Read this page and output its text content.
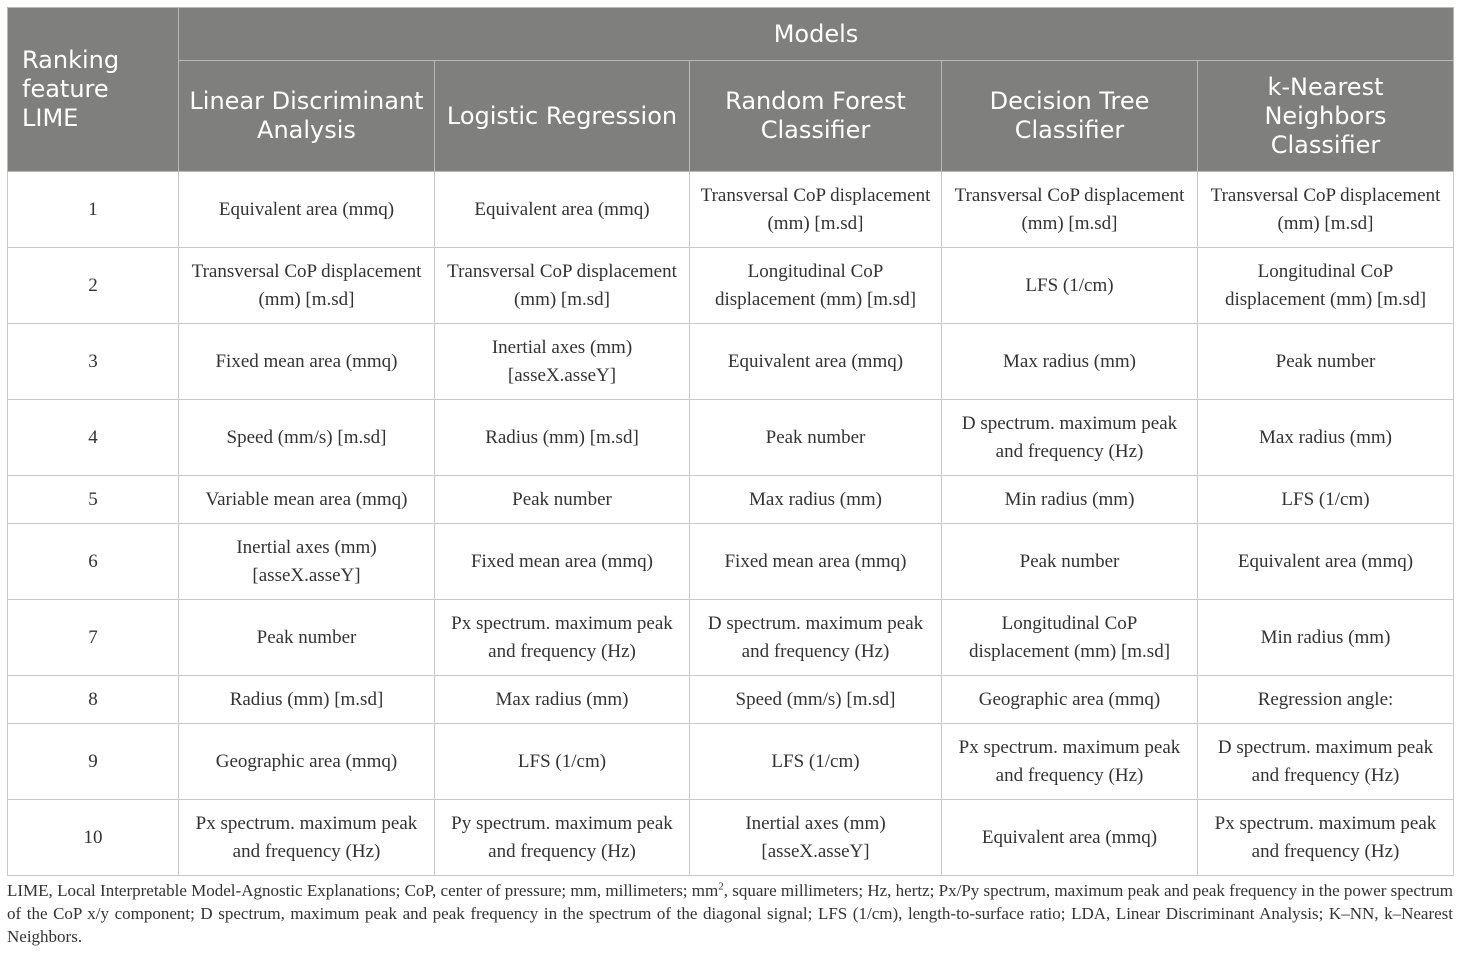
Ranking feature LIME	Models				
	Linear Discriminant Analysis	Logistic Regression	Random Forest Classifier	Decision Tree Classifier	k-Nearest Neighbors Classifier
1	Equivalent area (mmq)	Equivalent area (mmq)	Transversal CoP displacement (mm) [m.sd]	Transversal CoP displacement (mm) [m.sd]	Transversal CoP displacement (mm) [m.sd]
2	Transversal CoP displacement (mm) [m.sd]	Transversal CoP displacement (mm) [m.sd]	Longitudinal CoP displacement (mm) [m.sd]	LFS (1/cm)	Longitudinal CoP displacement (mm) [m.sd]
3	Fixed mean area (mmq)	Inertial axes (mm) [asseX.asseY]	Equivalent area (mmq)	Max radius (mm)	Peak number
4	Speed (mm/s) [m.sd]	Radius (mm) [m.sd]	Peak number	D spectrum. maximum peak and frequency (Hz)	Max radius (mm)
5	Variable mean area (mmq)	Peak number	Max radius (mm)	Min radius (mm)	LFS (1/cm)
6	Inertial axes (mm) [asseX.asseY]	Fixed mean area (mmq)	Fixed mean area (mmq)	Peak number	Equivalent area (mmq)
7	Peak number	Px spectrum. maximum peak and frequency (Hz)	D spectrum. maximum peak and frequency (Hz)	Longitudinal CoP displacement (mm) [m.sd]	Min radius (mm)
8	Radius (mm) [m.sd]	Max radius (mm)	Speed (mm/s) [m.sd]	Geographic area (mmq)	Regression angle:
9	Geographic area (mmq)	LFS (1/cm)	LFS (1/cm)	Px spectrum. maximum peak and frequency (Hz)	D spectrum. maximum peak and frequency (Hz)
10	Px spectrum. maximum peak and frequency (Hz)	Py spectrum. maximum peak and frequency (Hz)	Inertial axes (mm) [asseX.asseY]	Equivalent area (mmq)	Px spectrum. maximum peak and frequency (Hz)
LIME, Local Interpretable Model-Agnostic Explanations; CoP, center of pressure; mm, millimeters; $mm^2$, square millimeters; Hz, hertz; Px/Py spectrum, maximum peak and peak frequency in the power spectrum of the CoP x/y component; D spectrum, maximum peak and peak frequency in the spectrum of the diagonal signal; LFS (1/cm), length-to-surface ratio; LDA, Linear Discriminant Analysis; K–NN, k–Nearest Neighbors.
